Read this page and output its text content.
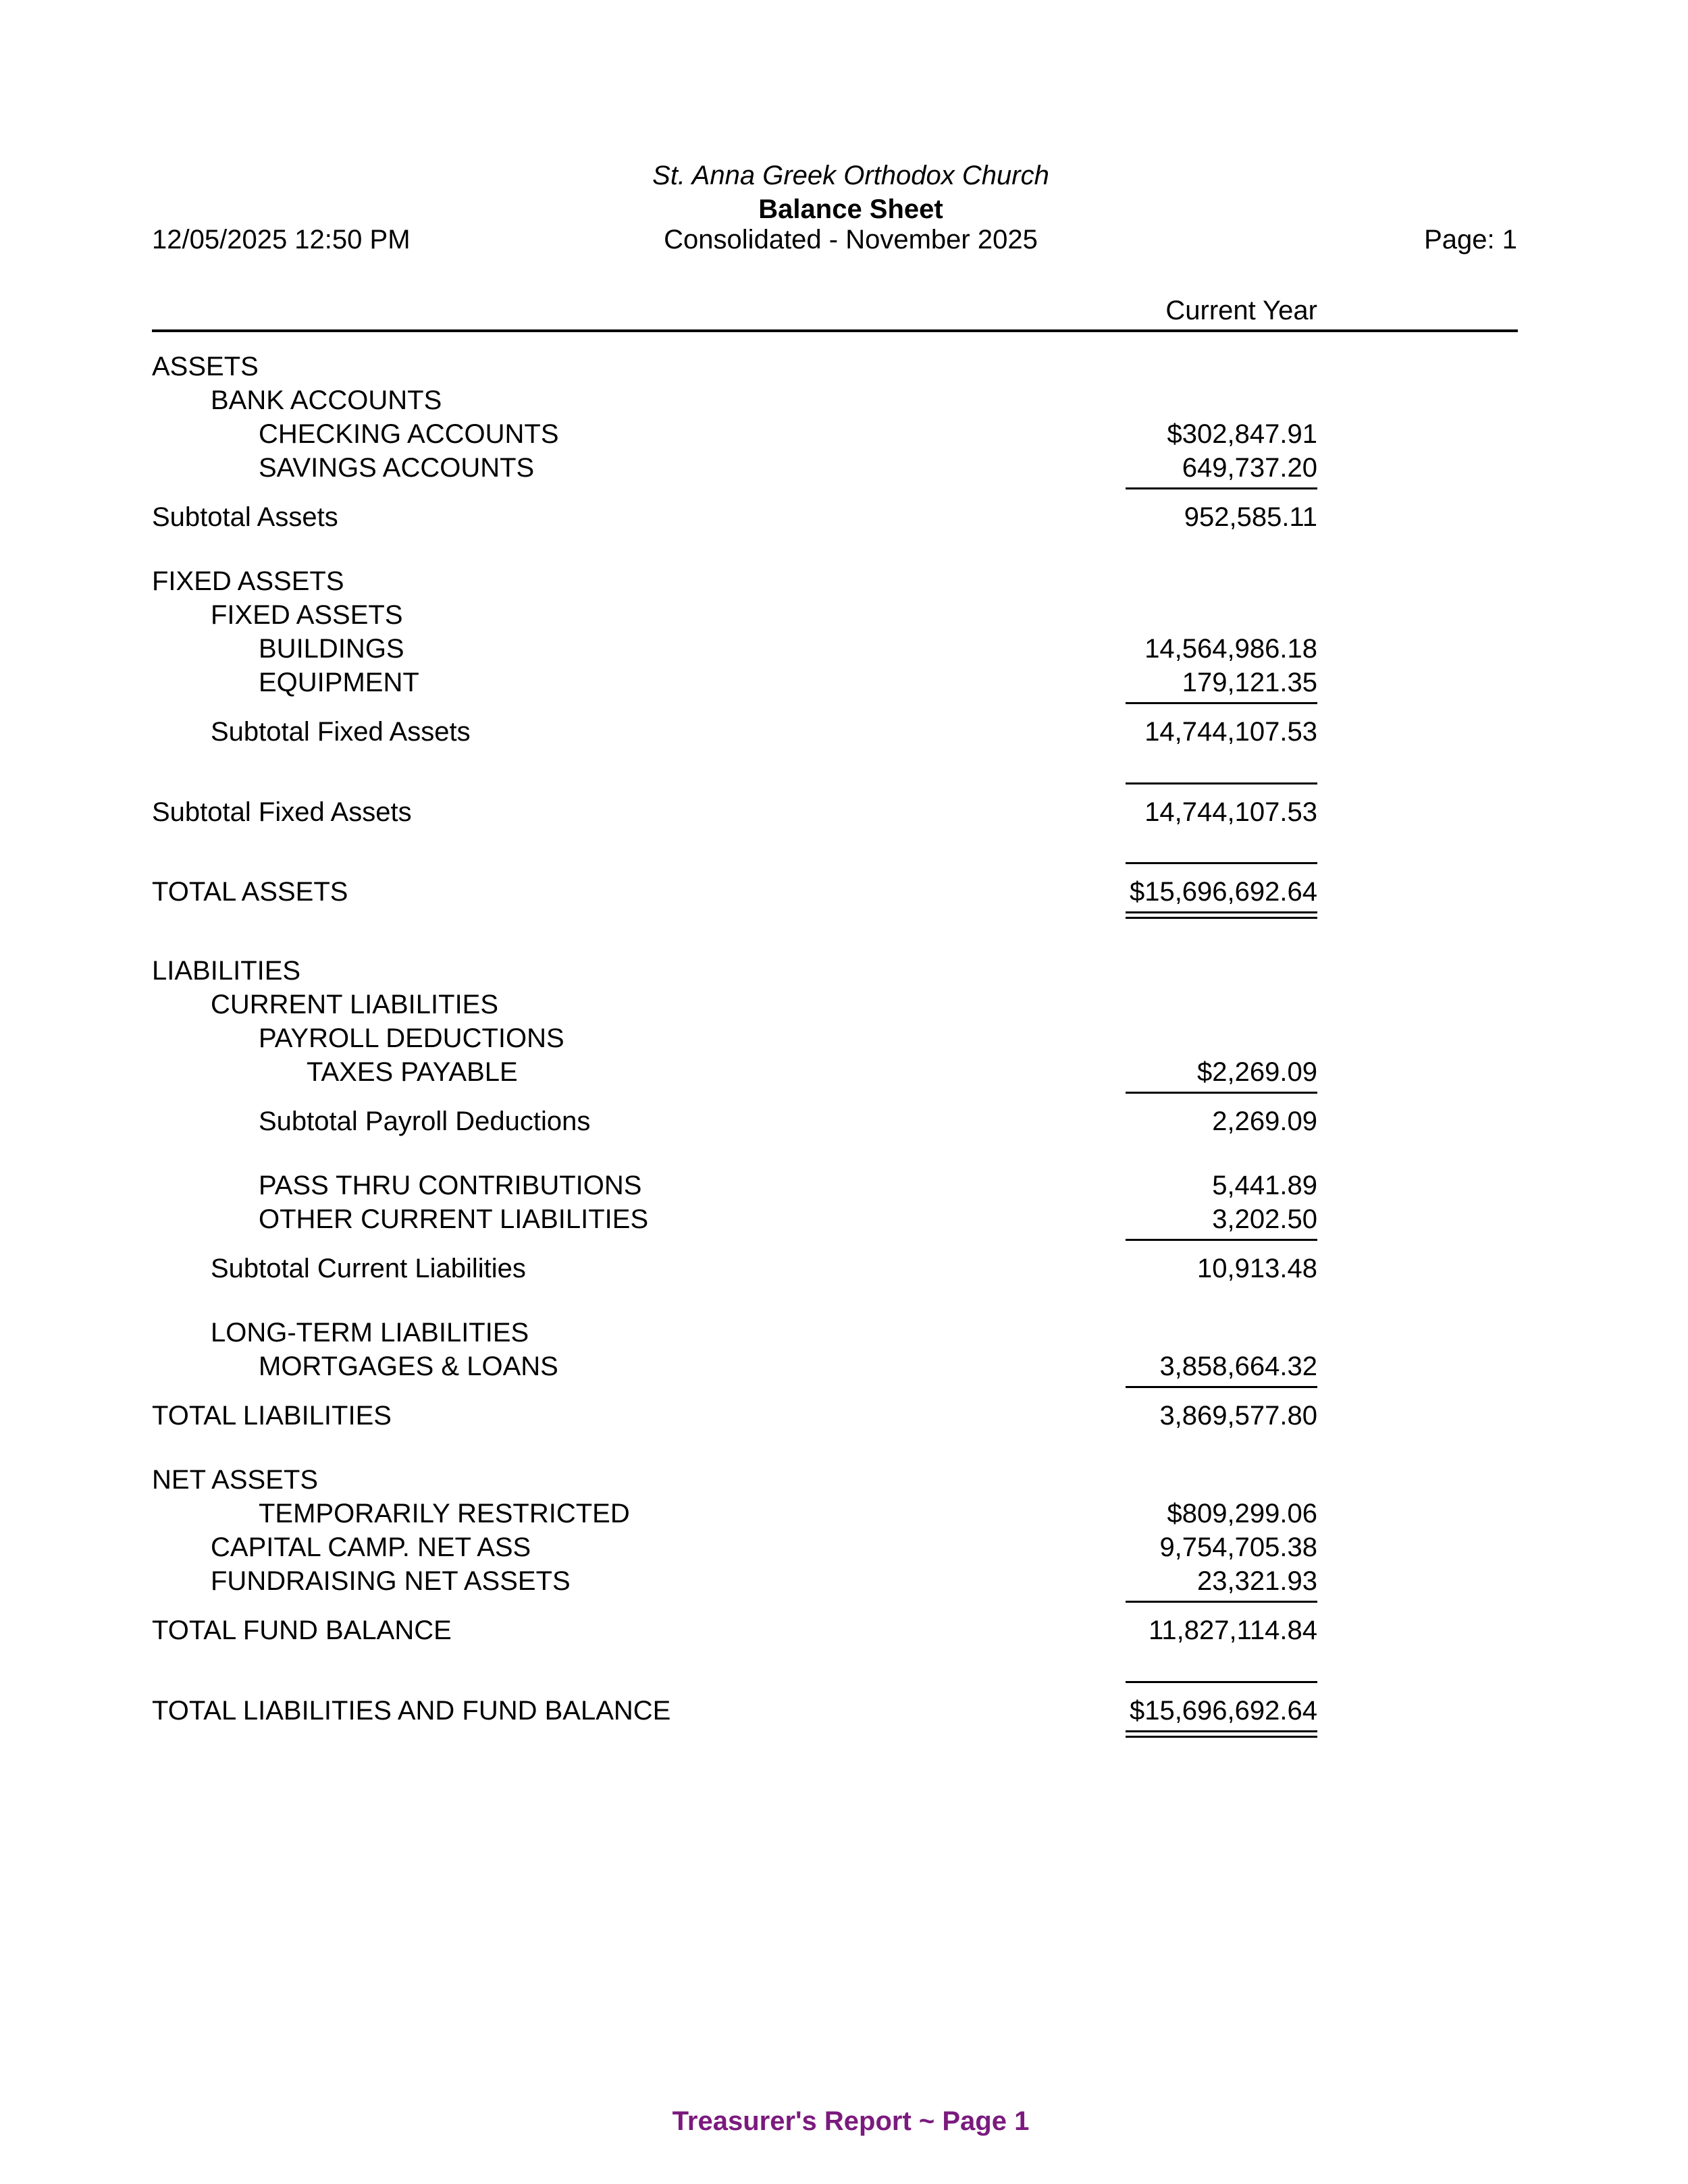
St. Anna Greek Orthodox Church
Balance Sheet
Consolidated - November 2025
12/05/2025 12:50 PM	Page: 1
Current Year
ASSETS
BANK ACCOUNTS
CHECKING ACCOUNTS	$302,847.91
SAVINGS ACCOUNTS	649,737.20
Subtotal Assets	952,585.11
FIXED ASSETS
FIXED ASSETS
BUILDINGS	14,564,986.18
EQUIPMENT	179,121.35
Subtotal Fixed Assets	14,744,107.53
Subtotal Fixed Assets	14,744,107.53
TOTAL ASSETS	$15,696,692.64
LIABILITIES
CURRENT LIABILITIES
PAYROLL DEDUCTIONS
TAXES PAYABLE	$2,269.09
Subtotal Payroll Deductions	2,269.09
PASS THRU CONTRIBUTIONS	5,441.89
OTHER CURRENT LIABILITIES	3,202.50
Subtotal Current Liabilities	10,913.48
LONG-TERM LIABILITIES
MORTGAGES & LOANS	3,858,664.32
TOTAL LIABILITIES	3,869,577.80
NET ASSETS
TEMPORARILY RESTRICTED	$809,299.06
CAPITAL CAMP. NET ASS	9,754,705.38
FUNDRAISING NET ASSETS	23,321.93
TOTAL FUND BALANCE	11,827,114.84
TOTAL LIABILITIES AND FUND BALANCE	$15,696,692.64
Treasurer's Report ~ Page 1
